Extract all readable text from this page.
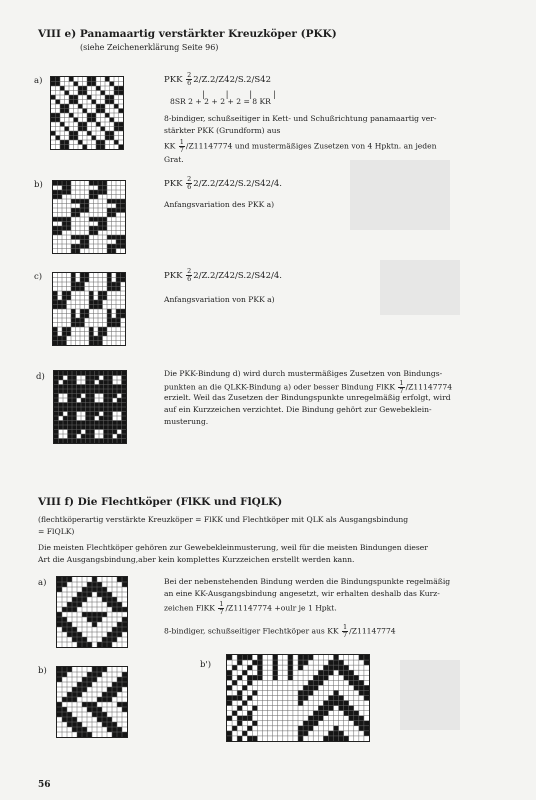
VIII e) Panamaartig verstärkter Kreuzköper (PKK)
(siehe Zeichenerklärung Seite 96)
a)	PKK $\frac{2}{6} 2/Z.2/Z42/S.2/S42$
|	|	|	|
8SR 2 + 2 + 2 + 2 = 8 KR
8-bindiger, schußseitiger in Kett- und Schußrichtung panamaartig ver-
stärkter PKK (Grundform) aus
KK $\frac{1}{7} /Z11147774$ und mustermäßiges Zusetzen von 4 Hpktn. an jeden
Grat.
b)	PKK $\frac{2}{6} 2/Z.2/Z42/S.2/S42/4$.
Anfangsvariation des PKK a)
c)	PKK $\frac{2}{6} 2/Z.2/Z42/S.2/S42/4$.
Anfangsvariation von PKK a)
d)	Die PKK-Bindung d) wird durch mustermäßiges Zusetzen von Bindungs-
punkten an die QLKK-Bindung a) oder besser Bindung FlKK $\frac{1}{7} /Z11147774$
erzielt. Weil das Zusetzen der Bindungspunkte unregelmäßig erfolgt, wird
auf ein Kurzzeichen verzichtet. Die Bindung gehört zur Gewebeklein-
musterung.
VIII f) Die Flechtköper (FlKK und FlQLK)
(flechtköperartig verstärkte Kreuzköper = FlKK und Flechtköper mit QLK als Ausgangsbindung
= FlQLK)
Die meisten Flechtköper gehören zur Gewebekleinmusterung, weil für die meisten Bindungen dieser
Art die Ausgangsbindung,aber kein komplettes Kurzzeichen erstellt werden kann.
a)	Bei der nebenstehenden Bindung werden die Bindungspunkte regelmäßig
an eine KK-Ausgangsbindung angesetzt, wir erhalten deshalb das Kurz-
zeichen FlKK $\frac{1}{7} /Z11147774$ +oulr je 1 Hpkt.
8-bindiger, schußseitiger Flechtköper aus KK $\frac{1}{7} /Z11147774$
b)
b')
56
